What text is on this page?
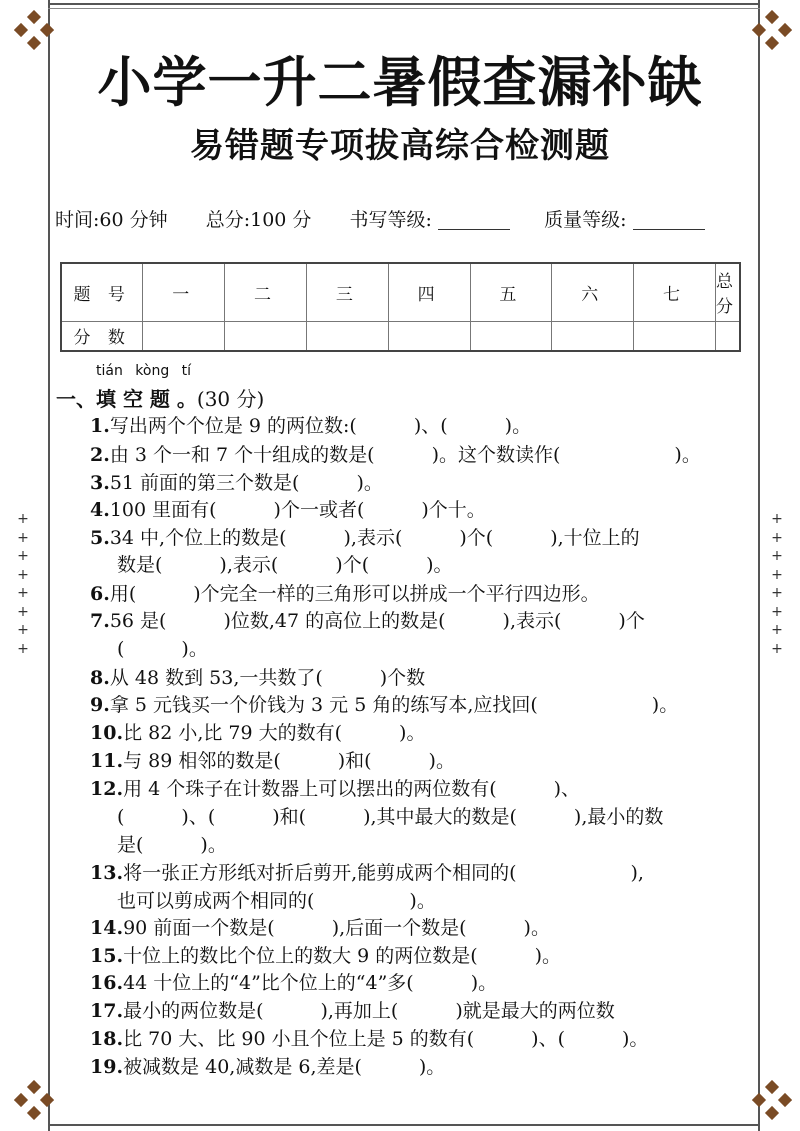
+
+
+
+
+
+
+
+
+
+
+
+
+
+
+
+
小学一升二暑假查漏补缺
易错题专项拔高综合检测题
时间:60 分钟 总分:100 分 书写等级:	质量等级:
题 号	一	二	三	四	五	六	七	总 分
分 数								
tián kòng tí
一、填 空 题 。(30 分)
1.写出两个个位是 9 的两位数:(　　　)、(　　　)。
2.由 3 个一和 7 个十组成的数是(　　　)。这个数读作(　　　　　　)。
3.51 前面的第三个数是(　　　)。
4.100 里面有(　　　)个一或者(　　　)个十。
5.34 中,个位上的数是(　　　),表示(　　　)个(　　　),十位上的
数是(　　　),表示(　　　)个(　　　)。
6.用(　　　)个完全一样的三角形可以拼成一个平行四边形。
7.56 是(　　　)位数,47 的高位上的数是(　　　),表示(　　　)个
(　　　)。
8.从 48 数到 53,一共数了(　　　)个数
9.拿 5 元钱买一个价钱为 3 元 5 角的练写本,应找回(　　　　　　)。
10.比 82 小,比 79 大的数有(　　　)。
11.与 89 相邻的数是(　　　)和(　　　)。
12.用 4 个珠子在计数器上可以摆出的两位数有(　　　)、
(　　　)、(　　　)和(　　　),其中最大的数是(　　　),最小的数
是(　　　)。
13.将一张正方形纸对折后剪开,能剪成两个相同的(　　　　　　),
也可以剪成两个相同的(　　　　　)。
14.90 前面一个数是(　　　),后面一个数是(　　　)。
15.十位上的数比个位上的数大 9 的两位数是(　　　)。
16.44 十位上的“4”比个位上的“4”多(　　　)。
17.最小的两位数是(　　　),再加上(　　　)就是最大的两位数
18.比 70 大、比 90 小且个位上是 5 的数有(　　　)、(　　　)。
19.被减数是 40,减数是 6,差是(　　　)。
